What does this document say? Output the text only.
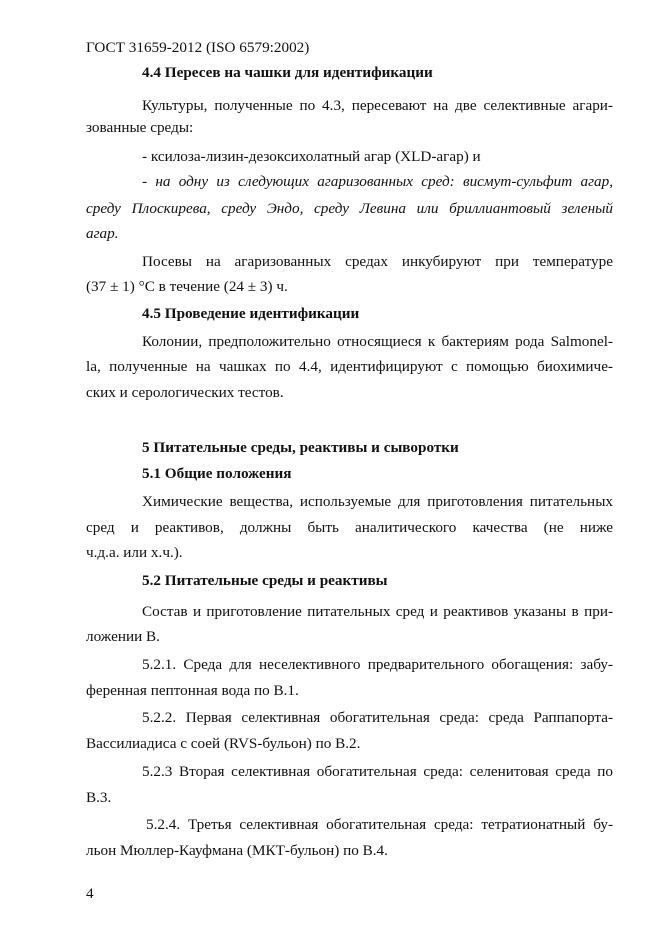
ГОСТ 31659-2012 (ISO 6579:2002)

4.4 Пересев на чашки для идентификации

Культуры, полученные по 4.3, пересевают на две селективные агари-

зованные среды:

- ксилоза-лизин-дезоксихолатный агар (XLD-агар) и

- на одну из следующих агаризованных сред: висмут-сульфит агар,

среду Плоскирева, среду Эндо, среду Левина или бриллиантовый зеленый

агар.

Посевы на агаризованных средах инкубируют при температуре

(37 ± 1) °С в течение (24 ± 3) ч.

4.5 Проведение идентификации

Колонии, предположительно относящиеся к бактериям рода Salmonel-

la, полученные на чашках по 4.4, идентифицируют с помощью биохимиче-

ских и серологических тестов.

5 Питательные среды, реактивы и сыворотки

5.1 Общие положения

Химические вещества, используемые для приготовления питательных

сред и реактивов, должны быть аналитического качества (не ниже

ч.д.а. или х.ч.).

5.2 Питательные среды и реактивы

Состав и приготовление питательных сред и реактивов указаны в при-

ложении В.

5.2.1. Среда для неселективного предварительного обогащения: забу-

ференная пептонная вода по В.1.

5.2.2. Первая селективная обогатительная среда: среда Раппапорта-

Вассилиадиса с соей (RVS-бульон) по В.2.

5.2.3 Вторая селективная обогатительная среда: селенитовая среда по

В.3.

5.2.4. Третья селективная обогатительная среда: тетратионатный бу-

льон Мюллер-Кауфмана (МКТ-бульон) по В.4.

4
